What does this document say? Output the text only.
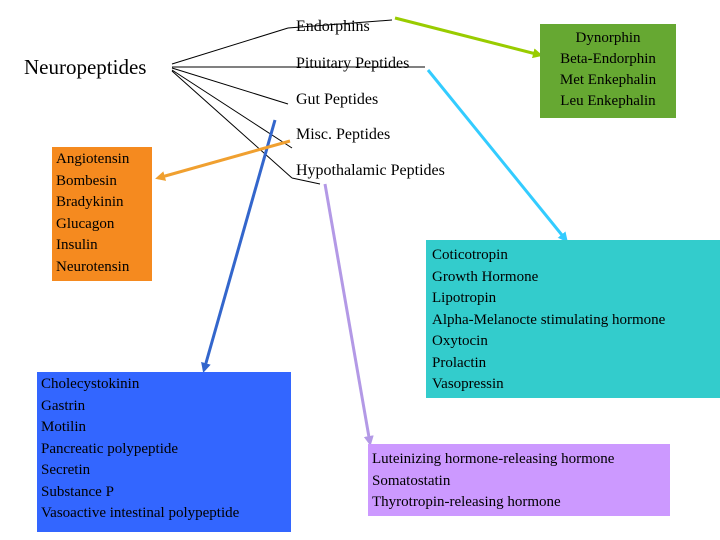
Neuropeptides
Endorphins
Pituitary Peptides
Gut Peptides
Misc. Peptides
Hypothalamic Peptides
Dynorphin
Beta-Endorphin
Met Enkephalin
Leu Enkephalin
Angiotensin
Bombesin
Bradykinin
Glucagon
Insulin
Neurotensin
Coticotropin
Growth Hormone
Lipotropin
Alpha-Melanocte stimulating hormone
Oxytocin
Prolactin
Vasopressin
Cholecystokinin
Gastrin
Motilin
Pancreatic polypeptide
Secretin
Substance P
Vasoactive intestinal polypeptide
Luteinizing hormone-releasing hormone
Somatostatin
Thyrotropin-releasing hormone
